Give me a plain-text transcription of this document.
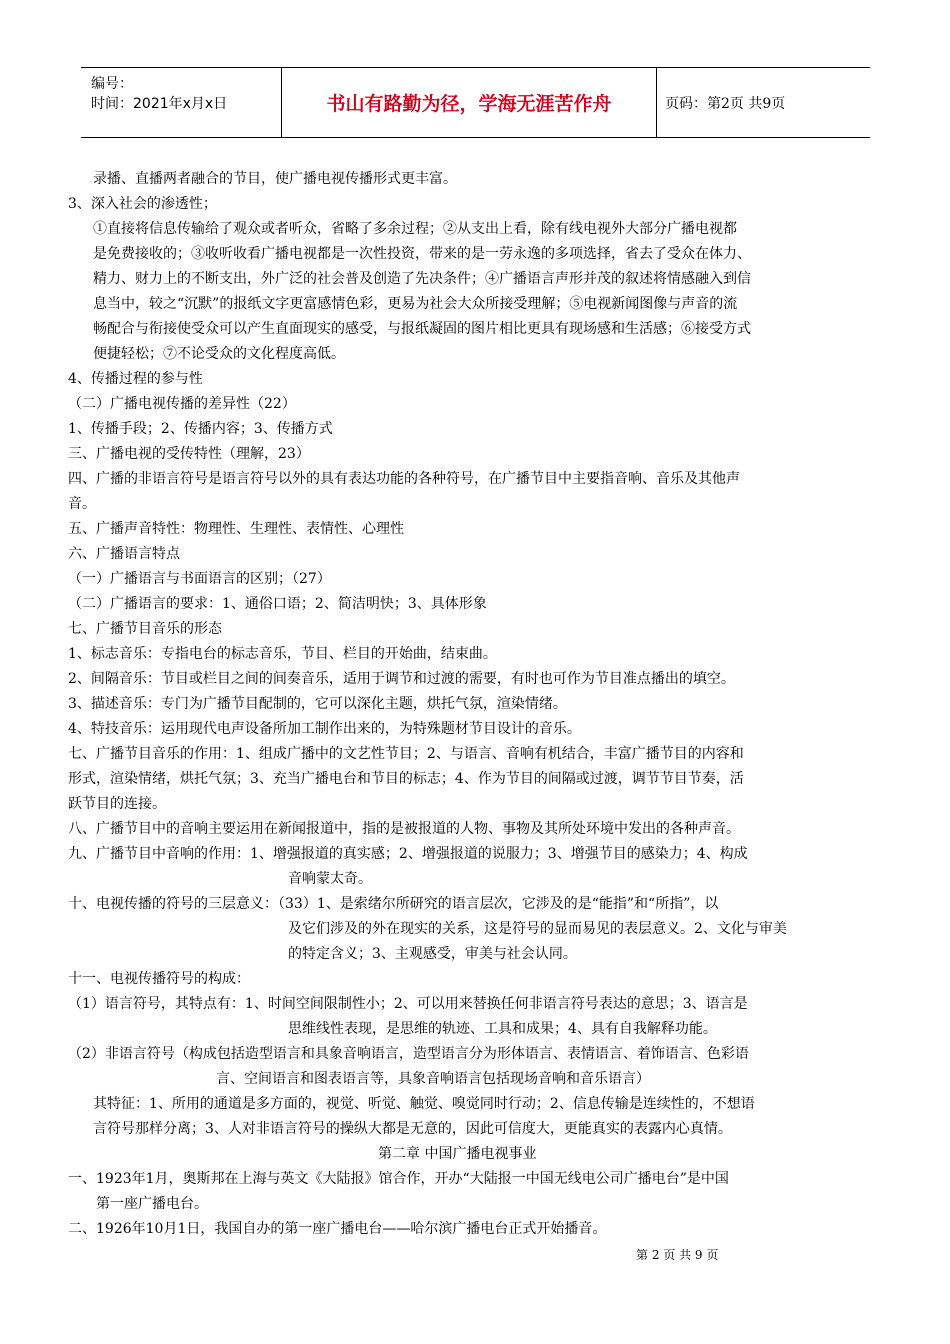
编号：
时间：2021年x月x日	书山有路勤为径，学海无涯苦作舟	页码：第2页 共9页
录播、直播两者融合的节目，使广播电视传播形式更丰富。
3、深入社会的渗透性；
①直接将信息传输给了观众或者听众，省略了多余过程；②从支出上看，除有线电视外大部分广播电视都
是免费接收的；③收听收看广播电视都是一次性投资，带来的是一劳永逸的多项选择，省去了受众在体力、
精力、财力上的不断支出，外广泛的社会普及创造了先决条件；④广播语言声形并茂的叙述将情感融入到信
息当中，较之“沉默”的报纸文字更富感情色彩，更易为社会大众所接受理解；⑤电视新闻图像与声音的流
畅配合与衔接使受众可以产生直面现实的感受，与报纸凝固的图片相比更具有现场感和生活感；⑥接受方式
便捷轻松；⑦不论受众的文化程度高低。
4、传播过程的参与性
（二）广播电视传播的差异性（22）
1、传播手段；2、传播内容；3、传播方式
三、广播电视的受传特性（理解，23）
四、广播的非语言符号是语言符号以外的具有表达功能的各种符号，在广播节目中主要指音响、音乐及其他声
音。
五、广播声音特性：物理性、生理性、表情性、心理性
六、广播语言特点
（一）广播语言与书面语言的区别；（27）
（二）广播语言的要求：1、通俗口语；2、简洁明快；3、具体形象
七、广播节目音乐的形态
1、标志音乐：专指电台的标志音乐，节目、栏目的开始曲，结束曲。
2、间隔音乐：节目或栏目之间的间奏音乐，适用于调节和过渡的需要，有时也可作为节目准点播出的填空。
3、描述音乐：专门为广播节目配制的，它可以深化主题，烘托气氛，渲染情绪。
4、特技音乐：运用现代电声设备所加工制作出来的，为特殊题材节目设计的音乐。
七、广播节目音乐的作用：1、组成广播中的文艺性节目；2、与语言、音响有机结合，丰富广播节目的内容和
形式，渲染情绪，烘托气氛；3、充当广播电台和节目的标志；4、作为节目的间隔或过渡，调节节目节奏，活
跃节目的连接。
八、广播节目中的音响主要运用在新闻报道中，指的是被报道的人物、事物及其所处环境中发出的各种声音。
九、广播节目中音响的作用：1、增强报道的真实感；2、增强报道的说服力；3、增强节目的感染力；4、构成
音响蒙太奇。
十、电视传播的符号的三层意义：（33）1、是索绪尔所研究的语言层次，它涉及的是“能指”和“所指”，以
及它们涉及的外在现实的关系，这是符号的显而易见的表层意义。2、文化与审美
的特定含义；3、主观感受，审美与社会认同。
十一、电视传播符号的构成：
（1）语言符号，其特点有：1、时间空间限制性小；2、可以用来替换任何非语言符号表达的意思；3、语言是
思维线性表现，是思维的轨迹、工具和成果；4、具有自我解释功能。
（2）非语言符号（构成包括造型语言和具象音响语言，造型语言分为形体语言、表情语言、着饰语言、色彩语
言、空间语言和图表语言等，具象音响语言包括现场音响和音乐语言）
其特征：1、所用的通道是多方面的，视觉、听觉、触觉、嗅觉同时行动；2、信息传输是连续性的，不想语
言符号那样分离；3、人对非语言符号的操纵大都是无意的，因此可信度大，更能真实的表露内心真情。
第二章 中国广播电视事业
一、1923年1月，奥斯邦在上海与英文《大陆报》馆合作，开办“大陆报一中国无线电公司广播电台”是中国
第一座广播电台。
二、1926年10月1日，我国自办的第一座广播电台——哈尔滨广播电台正式开始播音。
第 2 页 共 9 页
